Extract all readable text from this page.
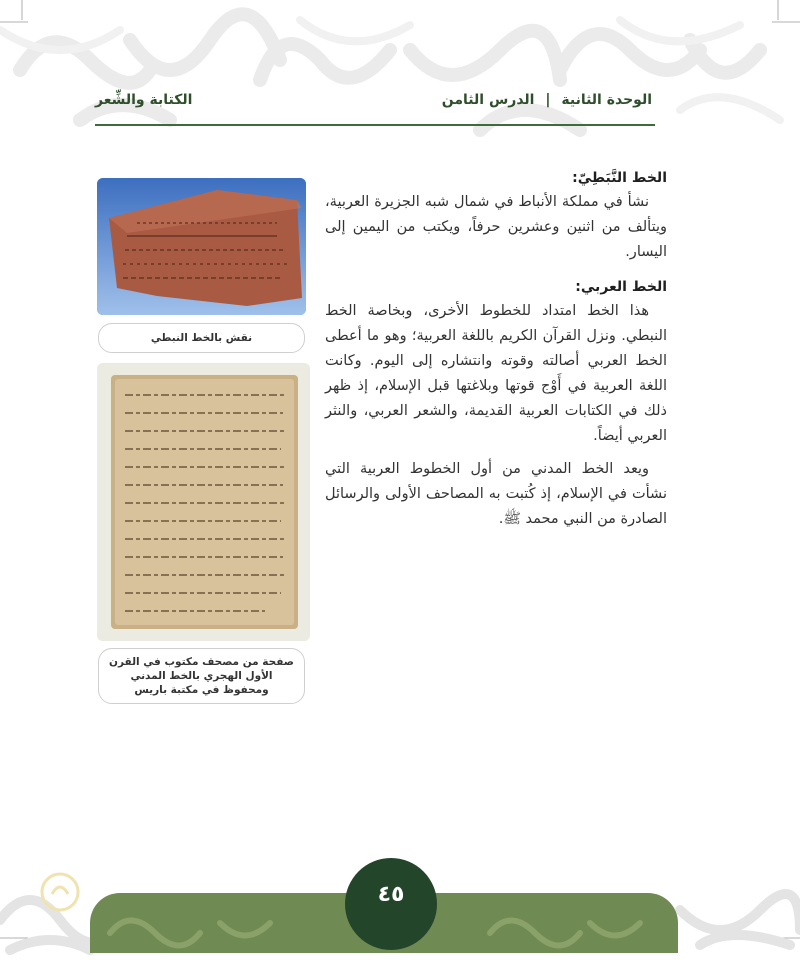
الوحدة الثانية | الدرس الثامن
الكتابة والشِّعر
الخط النَّبَطِيّ:

نشأ في مملكة الأنباط في شمال شبه الجزيرة العربية، ويتألف من اثنين وعشرين حرفاً، ويكتب من اليمين إلى اليسار.

الخط العربي:

هذا الخط امتداد للخطوط الأخرى، وبخاصة الخط النبطي. ونزل القرآن الكريم باللغة العربية؛ وهو ما أعطى الخط العربي أصالته وقوته وانتشاره إلى اليوم. وكانت اللغة العربية في أَوْج قوتها وبلاغتها قبل الإسلام، إذ ظهر ذلك في الكتابات العربية القديمة، والشعر العربي، والنثر العربي أيضاً.

ويعد الخط المدني من أول الخطوط العربية التي نشأت في الإسلام، إذ كُتبت به المصاحف الأولى والرسائل الصادرة من النبي محمد ﷺ.

نقش بالخط النبطي
صفحة من مصحف مكتوب في القرن الأول الهجري بالخط المدني ومحفوظ في مكتبة باريس
٤٥
